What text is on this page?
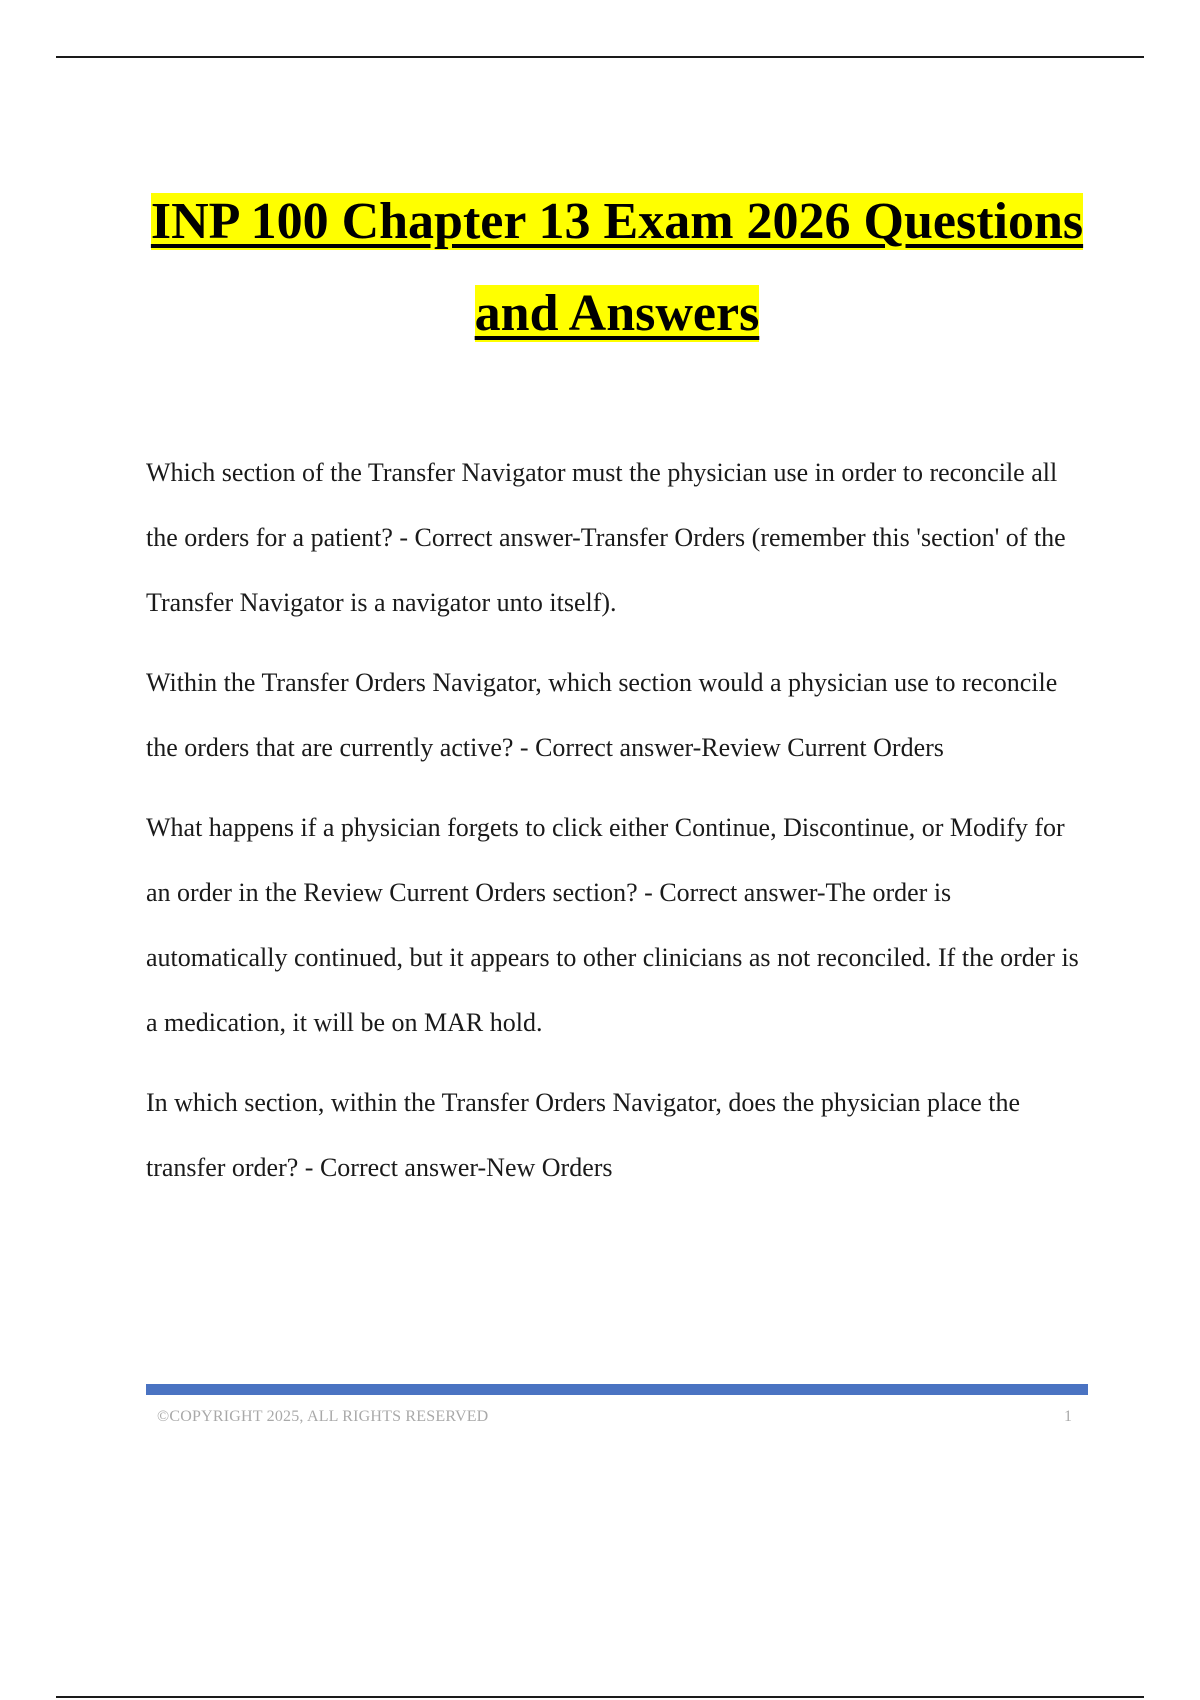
INP 100 Chapter 13 Exam 2026 Questions
and Answers

Which section of the Transfer Navigator must the physician use in order to reconcile all the orders for a patient? - Correct answer-Transfer Orders (remember this 'section' of the Transfer Navigator is a navigator unto itself).

Within the Transfer Orders Navigator, which section would a physician use to reconcile the orders that are currently active? - Correct answer-Review Current Orders

What happens if a physician forgets to click either Continue, Discontinue, or Modify for an order in the Review Current Orders section? - Correct answer-The order is automatically continued, but it appears to other clinicians as not reconciled. If the order is a medication, it will be on MAR hold.

In which section, within the Transfer Orders Navigator, does the physician place the transfer order? - Correct answer-New Orders

©COPYRIGHT 2025, ALL RIGHTS RESERVED	1
